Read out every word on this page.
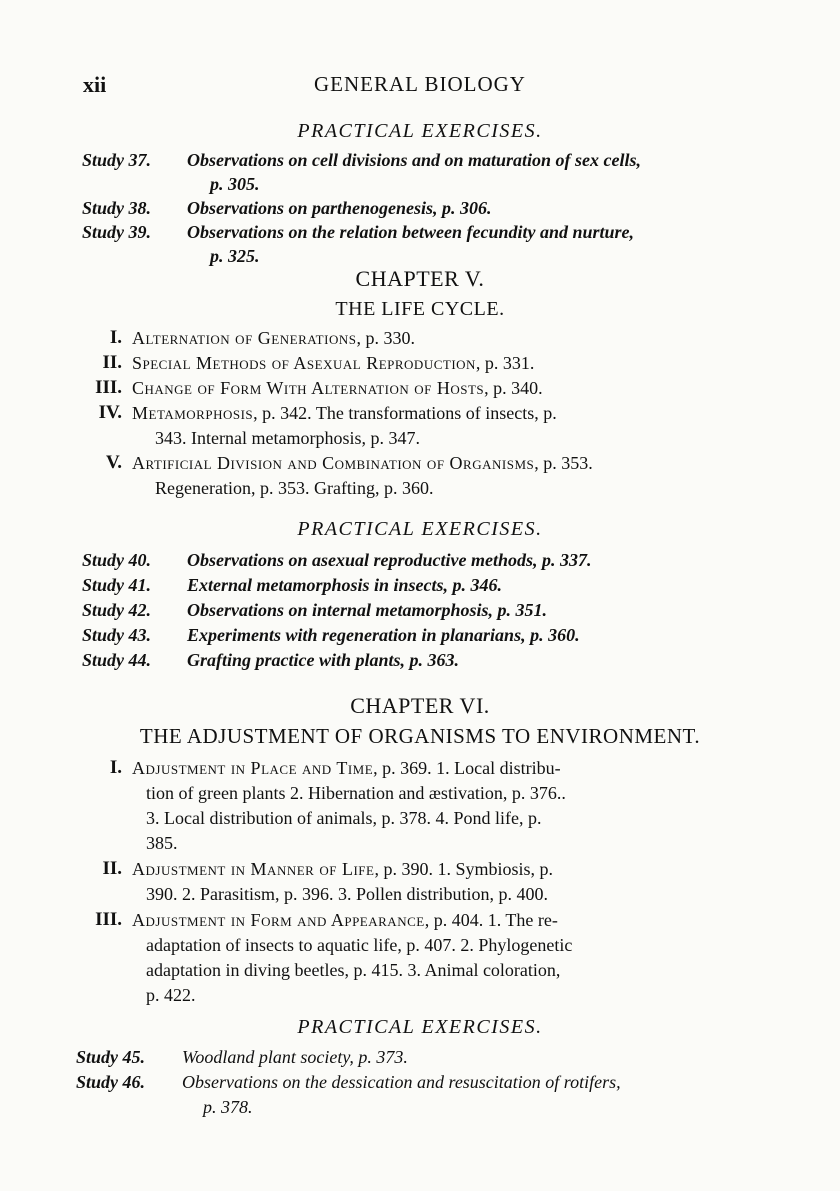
xii	GENERAL BIOLOGY
PRACTICAL EXERCISES.
Study 37. Observations on cell divisions and on maturation of sex cells,
p. 305.
Study 38. Observations on parthenogenesis, p. 306.
Study 39. Observations on the relation between fecundity and nurture,
p. 325.
CHAPTER V.
THE LIFE CYCLE.
I. Alternation of Generations, p. 330.
II. Special Methods of Asexual Reproduction, p. 331.
III. Change of Form With Alternation of Hosts, p. 340.
IV. Metamorphosis, p. 342. The transformations of insects, p.
343. Internal metamorphosis, p. 347.
V. Artificial Division and Combination of Organisms, p. 353.
Regeneration, p. 353. Grafting, p. 360.
PRACTICAL EXERCISES.
Study 40. Observations on asexual reproductive methods, p. 337.
Study 41. External metamorphosis in insects, p. 346.
Study 42. Observations on internal metamorphosis, p. 351.
Study 43. Experiments with regeneration in planarians, p. 360.
Study 44. Grafting practice with plants, p. 363.
CHAPTER VI.
THE ADJUSTMENT OF ORGANISMS TO ENVIRONMENT.
I. Adjustment in Place and Time, p. 369. 1. Local distribu-
tion of green plants 2. Hibernation and æstivation, p. 376..
3. Local distribution of animals, p. 378. 4. Pond life, p.
385.
II. Adjustment in Manner of Life, p. 390. 1. Symbiosis, p.
390. 2. Parasitism, p. 396. 3. Pollen distribution, p. 400.
III. Adjustment in Form and Appearance, p. 404. 1. The re-
adaptation of insects to aquatic life, p. 407. 2. Phylogenetic
adaptation in diving beetles, p. 415. 3. Animal coloration,
p. 422.
PRACTICAL EXERCISES.
Study 45. Woodland plant society, p. 373.
Study 46. Observations on the dessication and resuscitation of rotifers,
p. 378.
